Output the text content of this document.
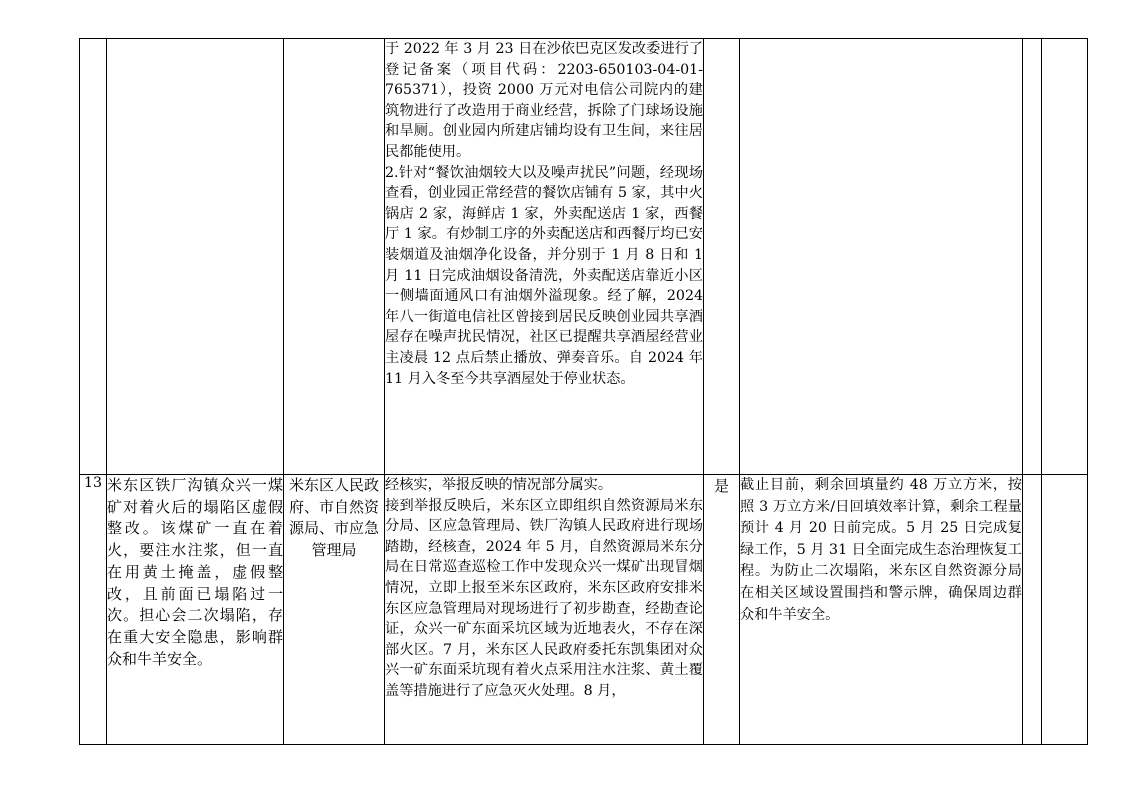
			于 2022 年 3 月 23 日在沙依巴克区发改委进行了登记备案（项目代码：2203-650103-04-01-765371），投资 2000 万元对电信公司院内的建筑物进行了改造用于商业经营，拆除了门球场设施和旱厕。创业园内所建店铺均设有卫生间，来往居民都能使用。

2.针对“餐饮油烟较大以及噪声扰民”问题，经现场查看，创业园正常经营的餐饮店铺有 5 家，其中火锅店 2 家，海鲜店 1 家，外卖配送店 1 家，西餐厅 1 家。有炒制工序的外卖配送店和西餐厅均已安装烟道及油烟净化设备，并分别于 1 月 8 日和 1 月 11 日完成油烟设备清洗，外卖配送店靠近小区一侧墙面通风口有油烟外溢现象。经了解，2024 年八一街道电信社区曾接到居民反映创业园共享酒屋存在噪声扰民情况，社区已提醒共享酒屋经营业主凌晨 12 点后禁止播放、弹奏音乐。自 2024 年 11 月入冬至今共享酒屋处于停业状态。				

13	米东区铁厂沟镇众兴一煤矿对着火后的塌陷区虚假整改。该煤矿一直在着火，要注水注浆，但一直在用黄土掩盖，虚假整改，且前面已塌陷过一次。担心会二次塌陷，存在重大安全隐患，影响群众和牛羊安全。	米东区人民政府、市自然资源局、市应急管理局	经核实，举报反映的情况部分属实。

接到举报反映后，米东区立即组织自然资源局米东分局、区应急管理局、铁厂沟镇人民政府进行现场踏勘，经核查，2024 年 5 月，自然资源局米东分局在日常巡查巡检工作中发现众兴一煤矿出现冒烟情况，立即上报至米东区政府，米东区政府安排米东区应急管理局对现场进行了初步勘查，经勘查论证，众兴一矿东面采坑区域为近地表火，不存在深部火区。7 月，米东区人民政府委托东凯集团对众兴一矿东面采坑现有着火点采用注水注浆、黄土覆盖等措施进行了应急灭火处理。8 月，	是	截止目前，剩余回填量约 48 万立方米，按照 3 万立方米/日回填效率计算，剩余工程量预计 4 月 20 日前完成。5 月 25 日完成复绿工作，5 月 31 日全面完成生态治理恢复工程。为防止二次塌陷，米东区自然资源分局在相关区域设置围挡和警示牌，确保周边群众和牛羊安全。		
